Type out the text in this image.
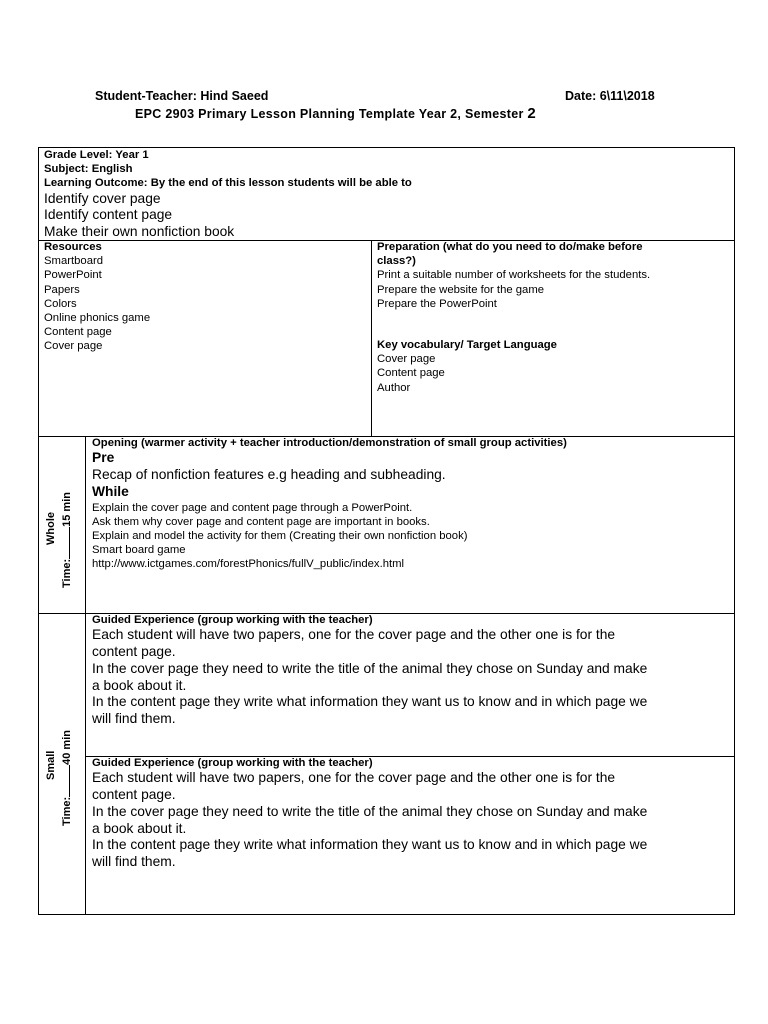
Student-Teacher: Hind Saeed	Date: 6\11\2018
EPC 2903 Primary Lesson Planning Template Year 2, Semester 2
Grade Level: Year 1
Subject: English
Learning Outcome: By the end of this lesson students will be able to
Identify cover page
Identify content page
Make their own nonfiction book
Resources
Smartboard
PowerPoint
Papers
Colors
Online phonics game
Content page
Cover page
Preparation (what do you need to do/make before
class?)
Print a suitable number of worksheets for the students.
Prepare the website for the game
Prepare the PowerPoint
Key vocabulary/ Target Language
Cover page
Content page
Author
Whole
Time:15 min
Opening (warmer activity + teacher introduction/demonstration of small group activities)
Pre
Recap of nonfiction features e.g heading and subheading.
While
Explain the cover page and content page through a PowerPoint.
Ask them why cover page and content page are important in books.
Explain and model the activity for them (Creating their own nonfiction book)
Smart board game
http://www.ictgames.com/forestPhonics/fullV_public/index.html
Small
Time:40 min
Guided Experience (group working with the teacher)
Each student will have two papers, one for the cover page and the other one is for the
content page.
In the cover page they need to write the title of the animal they chose on Sunday and make
a book about it.
In the content page they write what information they want us to know and in which page we
will find them.
Guided Experience (group working with the teacher)
Each student will have two papers, one for the cover page and the other one is for the
content page.
In the cover page they need to write the title of the animal they chose on Sunday and make
a book about it.
In the content page they write what information they want us to know and in which page we
will find them.
